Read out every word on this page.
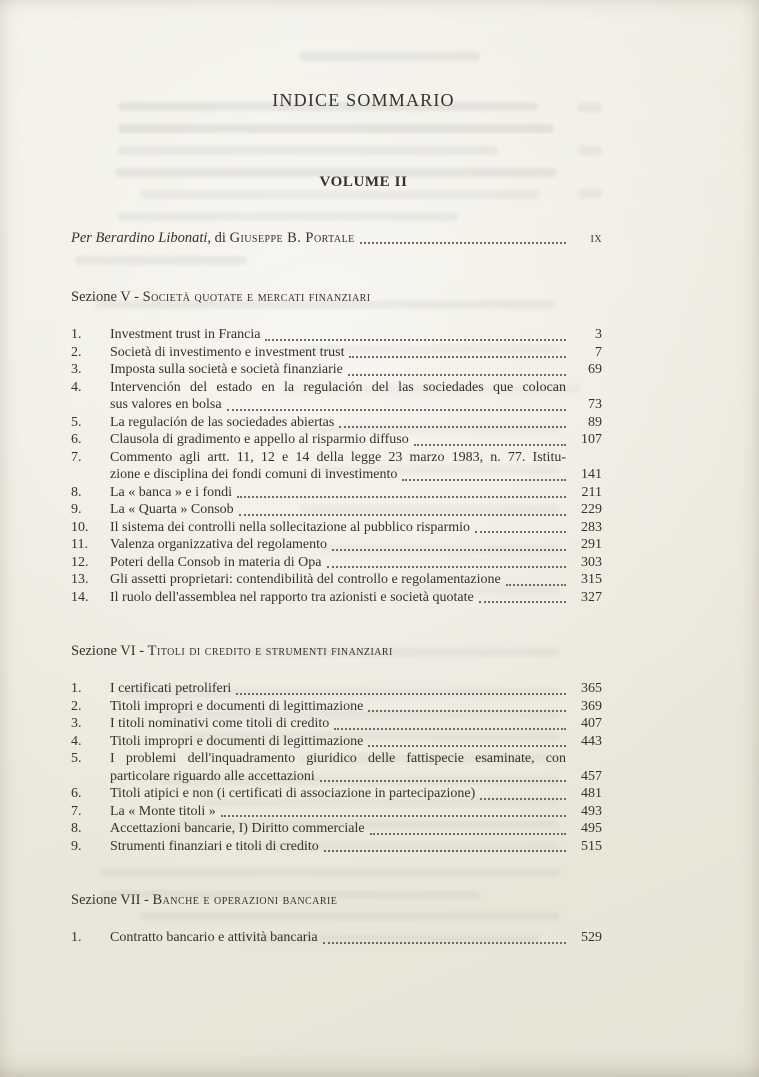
INDICE SOMMARIO
VOLUME II
Per Berardino Libonati, di Giuseppe B. Portale	ix
Sezione V - Società quotate e mercati finanziari
1.	Investment trust in Francia	3
2.	Società di investimento e investment trust	7
3.	Imposta sulla società e società finanziarie	69
4.	Intervención del estado en la regulación del las sociedades que colocan
sus valores en bolsa	73
5.	La regulación de las sociedades abiertas	89
6.	Clausola di gradimento e appello al risparmio diffuso	107
7.	Commento agli artt. 11, 12 e 14 della legge 23 marzo 1983, n. 77. Istitu-
zione e disciplina dei fondi comuni di investimento	141
8.	La « banca » e i fondi	211
9.	La « Quarta » Consob	229
10.	Il sistema dei controlli nella sollecitazione al pubblico risparmio	283
11.	Valenza organizzativa del regolamento	291
12.	Poteri della Consob in materia di Opa	303
13.	Gli assetti proprietari: contendibilità del controllo e regolamentazione	315
14.	Il ruolo dell'assemblea nel rapporto tra azionisti e società quotate	327
Sezione VI - Titoli di credito e strumenti finanziari
1.	I certificati petroliferi	365
2.	Titoli impropri e documenti di legittimazione	369
3.	I titoli nominativi come titoli di credito	407
4.	Titoli impropri e documenti di legittimazione	443
5.	I problemi dell'inquadramento giuridico delle fattispecie esaminate, con
particolare riguardo alle accettazioni	457
6.	Titoli atipici e non (i certificati di associazione in partecipazione)	481
7.	La « Monte titoli »	493
8.	Accettazioni bancarie, I) Diritto commerciale	495
9.	Strumenti finanziari e titoli di credito	515
Sezione VII - Banche e operazioni bancarie
1.	Contratto bancario e attività bancaria	529
